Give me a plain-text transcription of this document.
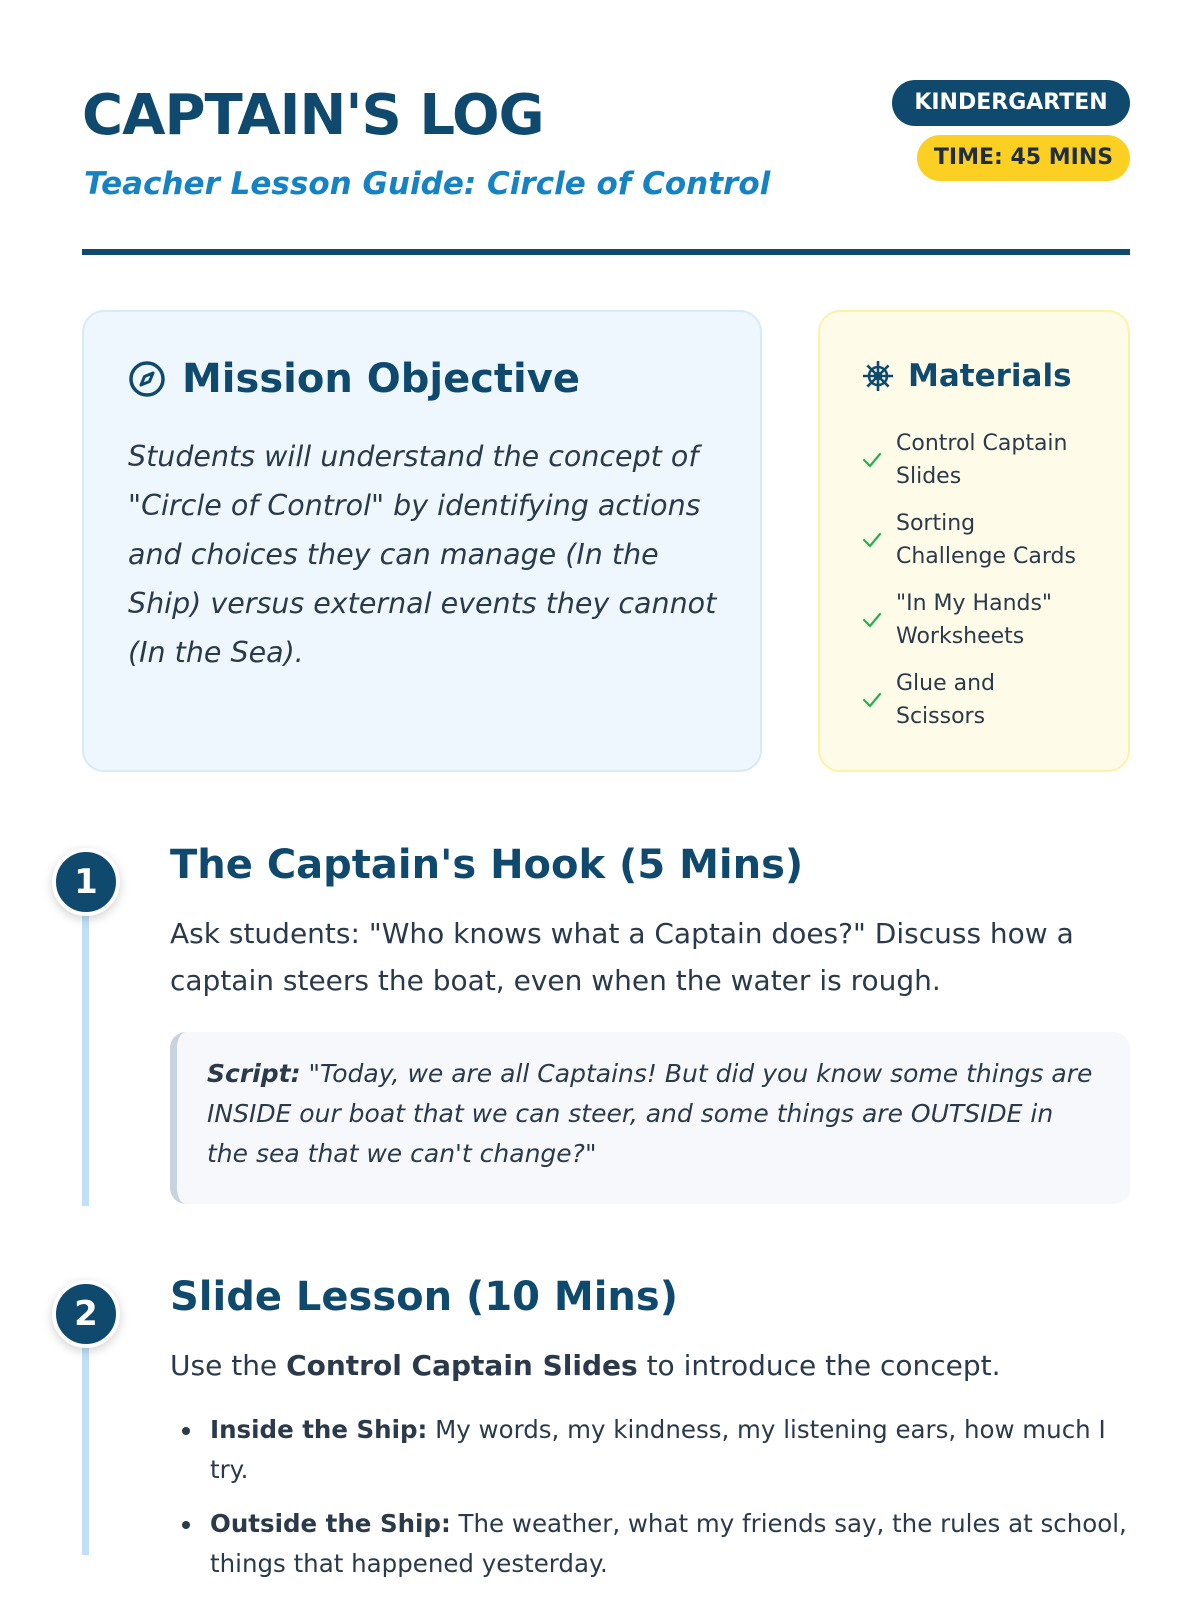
CAPTAIN'S LOG
Teacher Lesson Guide: Circle of Control
KINDERGARTEN
TIME: 45 MINS
Mission Objective

Students will understand the concept of "Circle of Control" by identifying actions and choices they can manage (In the Ship) versus external events they cannot (In the Sea).

Materials
Control Captain Slides
Sorting Challenge Cards
"In My Hands" Worksheets
Glue and Scissors
1	The Captain's Hook (5 Mins)

Ask students: "Who knows what a Captain does?" Discuss how a captain steers the boat, even when the water is rough.

Script: "Today, we are all Captains! But did you know some things are INSIDE our boat that we can steer, and some things are OUTSIDE in the sea that we can't change?"
2	Slide Lesson (10 Mins)

Use the Control Captain Slides to introduce the concept.

Inside the Ship: My words, my kindness, my listening ears, how much I try.
Outside the Ship: The weather, what my friends say, the rules at school, things that happened yesterday.
